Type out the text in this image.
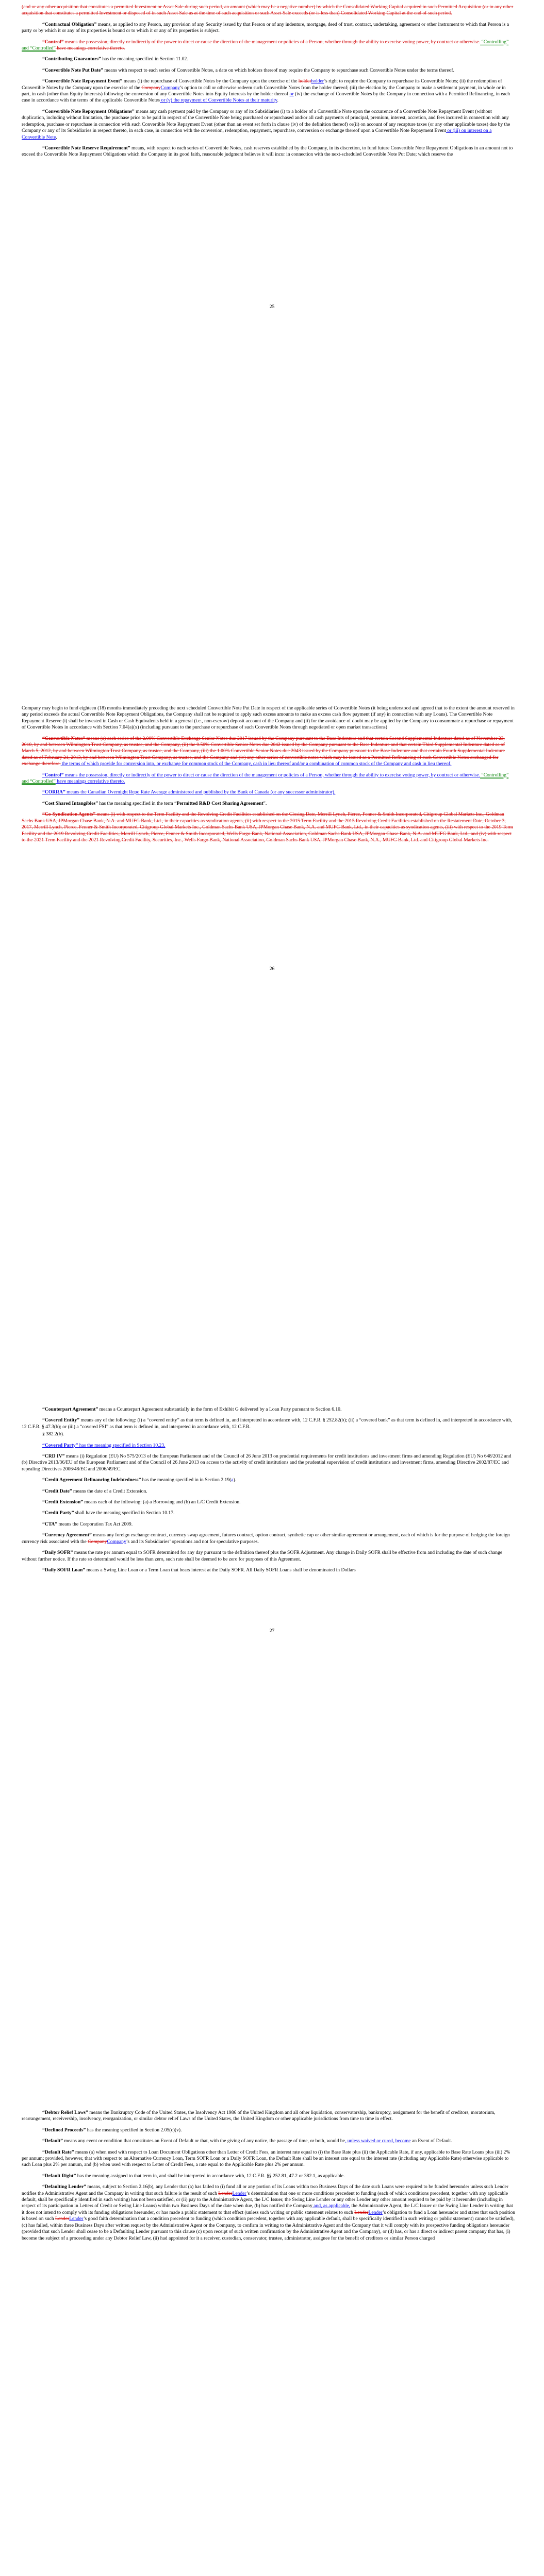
(and or any other acquisition that constitutes a permitted Investment or Asset Sale during such period, an amount (which may be a negative number) by which the Consolidated Working Capital acquired in such Permitted Acquisition (or in any other acquisition that constitutes a permitted Investment or disposed of in such Asset Sale as at the time of such acquisition or such Asset Sale exceeds (or is less than) Consolidated Working Capital at the end of such period.

“Contractual Obligation” means, as applied to any Person, any provision of any Security issued by that Person or of any indenture, mortgage, deed of trust, contract, undertaking, agreement or other instrument to which that Person is a party or by which it or any of its properties is bound or to which it or any of its properties is subject.

“Control” means the possession, directly or indirectly of the power to direct or cause the direction of the management or policies of a Person, whether through the ability to exercise voting power, by contract or otherwise. “Controlling” and “Controlled” have meanings correlative thereto.

“Contributing Guarantors” has the meaning specified in Section 11.02.

“Convertible Note Put Date” means with respect to each series of Convertible Notes, a date on which holders thereof may require the Company to repurchase such Convertible Notes under the terms thereof.

“Convertible Note Repayment Event” means (i) the repurchase of Convertible Notes by the Company upon the exercise of the holderholder’s right to require the Company to repurchase its Convertible Notes; (ii) the redemption of Convertible Notes by the Company upon the exercise of the CompanyCompany’s option to call or otherwise redeem such Convertible Notes from the holder thereof; (iii) the election by the Company to make a settlement payment, in whole or in part, in cash (other than Equity Interests) following the conversion of any Convertible Notes into Equity Interests by the holder thereof or (iv) the exchange of Convertible Notes by the Company in connection with a Permitted Refinancing, in each case in accordance with the terms of the applicable Convertible Notes or (v) the repayment of Convertible Notes at their maturity.

“Convertible Note Repayment Obligations” means any cash payment paid by the Company or any of its Subsidiaries (i) to a holder of a Convertible Note upon the occurrence of a Convertible Note Repayment Event (without duplication, including without limitation, the purchase price to be paid in respect of the Convertible Note being purchased or repurchased and/or all cash payments of principal, premium, interest, accretion, and fees incurred in connection with any redemption, purchase or repurchase in connection with such Convertible Note Repayment Event (other than an event set forth in clause (iv) of the definition thereof) or(ii) on account of any recapture taxes (or any other applicable taxes) due by the Company or any of its Subsidiaries in respect thereto, in each case, in connection with the conversion, redemption, repayment, repurchase, conversion or exchange thereof upon a Convertible Note Repayment Event or (iii) on interest on a Convertible Note.

“Convertible Note Reserve Requirement” means, with respect to each series of Convertible Notes, cash reserves established by the Company, in its discretion, to fund future Convertible Note Repayment Obligations in an amount not to exceed the Convertible Note Repayment Obligations which the Company in its good faith, reasonable judgment believes it will incur in connection with the next-scheduled Convertible Note Put Date; which reserve the

25

Company may begin to fund eighteen (18) months immediately preceding the next scheduled Convertible Note Put Date in respect of the applicable series of Convertible Notes (it being understood and agreed that to the extent the amount reserved in any period exceeds the actual Convertible Note Repayment Obligations, the Company shall not be required to apply such excess amounts to make an excess cash flow payment (if any) in connection with any Loans). The Convertible Note Repayment Reserve (i) shall be invested in Cash or Cash Equivalents held in a general (i.e., non-escrow) deposit account of the Company and (ii) for the avoidance of doubt may be applied by the Company to consummate a repurchase or repayment of Convertible Notes in accordance with Section 7.04(a)(x) (including pursuant to the purchase or repurchase of such Convertible Notes through negotiated or open market transactions)

“Convertible Notes” means (a) each series of the 2.00% Convertible Exchange Senior Notes due 2017 issued by the Company pursuant to the Base Indenture and that certain Second Supplemental Indenture dated as of November 23, 2010, by and between Wilmington Trust Company, as trustee, and the Company, (ii) the 0.50% Convertible Senior Notes due 2042 issued by the Company pursuant to the Base Indenture and that certain Third Supplemental Indenture dated as of March 5, 2012, by and between Wilmington Trust Company, as trustee, and the Company, (iii) the 1.00% Convertible Senior Notes due 2043 issued by the Company pursuant to the Base Indenture and that certain Fourth Supplemental Indenture dated as of February 21, 2013, by and between Wilmington Trust Company, as trustee, and the Company and (iv) any other series of convertible notes which may be issued as a Permitted Refinancing of such Convertible Notes exchanged for exchange therefore. the terms of which provide for conversion into, or exchange for common stock of the Company, cash in lieu thereof and/or a combination of common stock of the Company and cash in lieu thereof.

“Control” means the possession, directly or indirectly of the power to direct or cause the direction of the management or policies of a Person, whether through the ability to exercise voting power, by contract or otherwise. “Controlling” and “Controlled” have meanings correlative thereto.

“CORRA” means the Canadian Overnight Repo Rate Average administered and published by the Bank of Canada (or any successor administrator).

“Cost Shared Intangibles” has the meaning specified in the term “Permitted R&D Cost Sharing Agreement”.

“Co-Syndication Agents” means (i) with respect to the Term Facility and the Revolving Credit Facilities established on the Closing Date, Merrill Lynch, Pierce, Fenner & Smith Incorporated, Citigroup Global Markets Inc., Goldman Sachs Bank USA, JPMorgan Chase Bank, N.A. and MUFG Bank, Ltd., in their capacities as syndication agents, (ii) with respect to the 2015 Term Facility and the 2015 Revolving Credit Facilities established on the Restatement Date, October 3, 2017, Merrill Lynch, Pierce, Fenner & Smith Incorporated, Citigroup Global Markets Inc., Goldman Sachs Bank USA, JPMorgan Chase Bank, N.A. and MUFG Bank, Ltd., in their capacities as syndication agents, (iii) with respect to the 2019 Term Facility and the 2019 Revolving Credit Facilities, Merrill Lynch, Pierce, Fenner & Smith Incorporated, Wells Fargo Bank, National Association, Goldman Sachs Bank USA, JPMorgan Chase Bank, N.A. and MUFG Bank, Ltd., and (iv) with respect to the 2021 Term Facility and the 2021 Revolving Credit Facility, Securities, Inc., Wells Fargo Bank, National Association, Goldman Sachs Bank USA, JPMorgan Chase Bank, N.A., MUFG Bank, Ltd. and Citigroup Global Markets Inc.

26

“Counterpart Agreement” means a Counterpart Agreement substantially in the form of Exhibit G delivered by a Loan Party pursuant to Section 6.10.

“Covered Entity” means any of the following: (i) a “covered entity” as that term is defined in, and interpreted in accordance with, 12 C.F.R. § 252.82(b); (ii) a “covered bank” as that term is defined in, and interpreted in accordance with, 12 C.F.R. § 47.3(b); or (iii) a “covered FSI” as that term is defined in, and interpreted in accordance with, 12 C.F.R.

§ 382.2(b).

“Covered Party” has the meaning specified in Section 10.23.

“CRD IV” means (i) Regulation (EU) No 575/2013 of the European Parliament and of the Council of 26 June 2013 on prudential requirements for credit institutions and investment firms and amending Regulation (EU) No 648/2012 and (b) Directive 2013/36/EU of the European Parliament and of the Council of 26 June 2013 on access to the activity of credit institutions and the prudential supervision of credit institutions and investment firms, amending Directive 2002/87/EC and repealing Directives 2006/48/EC and 2006/49/EC.

“Credit Agreement Refinancing Indebtedness” has the meaning specified in in Section 2.19(a).

“Credit Date” means the date of a Credit Extension.

“Credit Extension” means each of the following: (a) a Borrowing and (b) an L/C Credit Extension.

“Credit Party” shall have the meaning specified in Section 10.17.

“CTA” means the Corporation Tax Act 2009.

“Currency Agreement” means any foreign exchange contract, currency swap agreement, futures contract, option contract, synthetic cap or other similar agreement or arrangement, each of which is for the purpose of hedging the foreign currency risk associated with the CompanyCompany’s and its Subsidiaries’ operations and not for speculative purposes.

“Daily SOFR” means the rate per annum equal to SOFR determined for any day pursuant to the definition thereof plus the SOFR Adjustment. Any change in Daily SOFR shall be effective from and including the date of such change without further notice. If the rate so determined would be less than zero, such rate shall be deemed to be zero for purposes of this Agreement.

“Daily SOFR Loan” means a Swing Line Loan or a Term Loan that bears interest at the Daily SOFR. All Daily SOFR Loans shall be denominated in Dollars

27

“Debtor Relief Laws” means the Bankruptcy Code of the United States, the Insolvency Act 1986 of the United Kingdom and all other liquidation, conservatorship, bankruptcy, assignment for the benefit of creditors, moratorium, rearrangement, receivership, insolvency, reorganization, or similar debtor relief Laws of the United States, the United Kingdom or other applicable jurisdictions from time to time in effect.

“Declined Proceeds” has the meaning specified in Section 2.05(c)(v).

“Default” means any event or condition that constitutes an Event of Default or that, with the giving of any notice, the passage of time, or both, would be, unless waived or cured, become an Event of Default.

“Default Rate” means (a) when used with respect to Loan Document Obligations other than Letter of Credit Fees, an interest rate equal to (i) the Base Rate plus (ii) the Applicable Rate, if any, applicable to Base Rate Loans plus (iii) 2% per annum; provided, however, that with respect to an Alternative Currency Loan, Term SOFR Loan or a Daily SOFR Loan, the Default Rate shall be an interest rate equal to the interest rate (including any Applicable Rate) otherwise applicable to such Loan plus 2% per annum, and (b) when used with respect to Letter of Credit Fees, a rate equal to the Applicable Rate plus 2% per annum.

“Default Right” has the meaning assigned to that term in, and shall be interpreted in accordance with, 12 C.F.R. §§ 252.81, 47.2 or 382.1, as applicable.

“Defaulting Lender” means, subject to Section 2.16(b), any Lender that (a) has failed to (i) fund all or any portion of its Loans within two Business Days of the date such Loans were required to be funded hereunder unless such Lender notifies the Administrative Agent and the Company in writing that such failure is the result of such LenderLender’s determination that one or more conditions precedent to funding (each of which conditions precedent, together with any applicable default, shall be specifically identified in such writing) has not been satisfied, or (ii) pay to the Administrative Agent, the L/C Issuer, the Swing Line Lender or any other Lender any other amount required to be paid by it hereunder (including in respect of its participation in Letters of Credit or Swing Line Loans) within two Business Days of the date when due, (b) has notified the Company and, as applicable, the Administrative Agent, the L/C Issuer or the Swing Line Lender in writing that it does not intend to comply with its funding obligations hereunder, or has made a public statement to that effect (unless such writing or public statement relates to such LenderLender’s obligation to fund a Loan hereunder and states that such position is based on such LenderLender’s good faith determination that a condition precedent to funding (which condition precedent, together with any applicable default, shall be specifically identified in such writing or public statement) cannot be satisfied), (c) has failed, within three Business Days after written request by the Administrative Agent or the Company, to confirm in writing to the Administrative Agent and the Company that it will comply with its prospective funding obligations hereunder (provided that such Lender shall cease to be a Defaulting Lender pursuant to this clause (c) upon receipt of such written confirmation by the Administrative Agent and the Company), or (d) has, or has a direct or indirect parent company that has, (i) become the subject of a proceeding under any Debtor Relief Law, (ii) had appointed for it a receiver, custodian, conservator, trustee, administrator, assignee for the benefit of creditors or similar Person charged
